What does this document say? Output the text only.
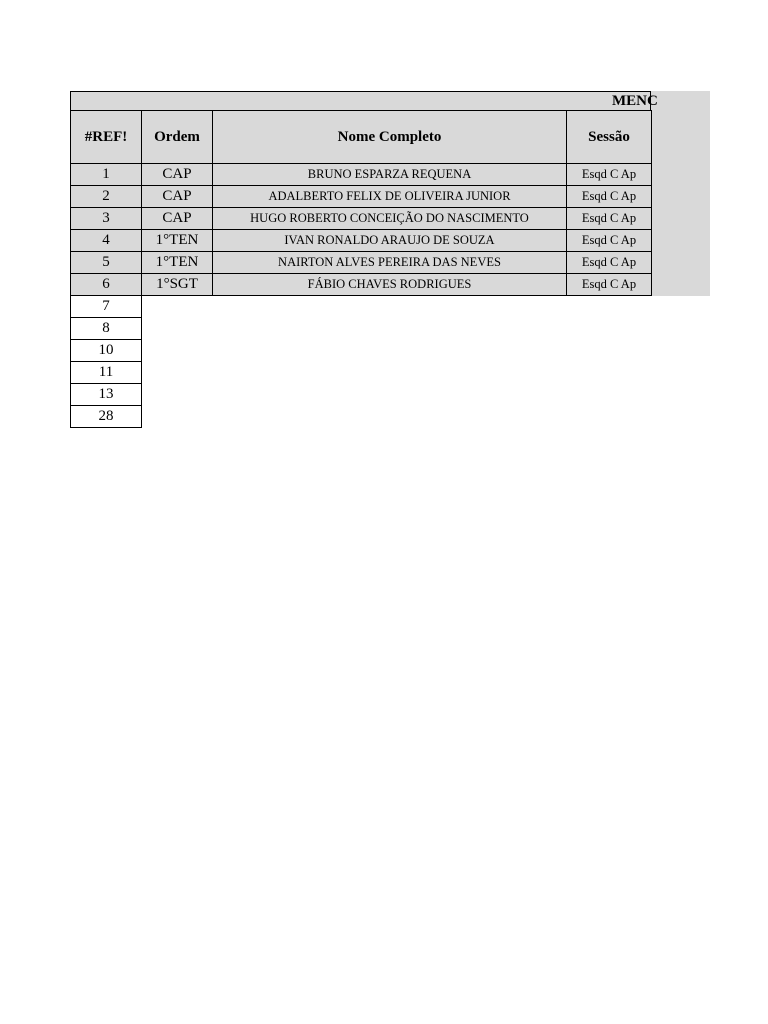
MENC
#REF!	Ordem	Nome Completo	Sessão
1	CAP	BRUNO ESPARZA REQUENA	Esqd C Ap
2	CAP	ADALBERTO FELIX DE OLIVEIRA JUNIOR	Esqd C Ap
3	CAP	HUGO ROBERTO CONCEIÇÃO DO NASCIMENTO	Esqd C Ap
4	1°TEN	IVAN RONALDO ARAUJO DE SOUZA	Esqd C Ap
5	1°TEN	NAIRTON ALVES PEREIRA DAS NEVES	Esqd C Ap
6	1°SGT	FÁBIO CHAVES RODRIGUES	Esqd C Ap
7
8
10
11
13
28
